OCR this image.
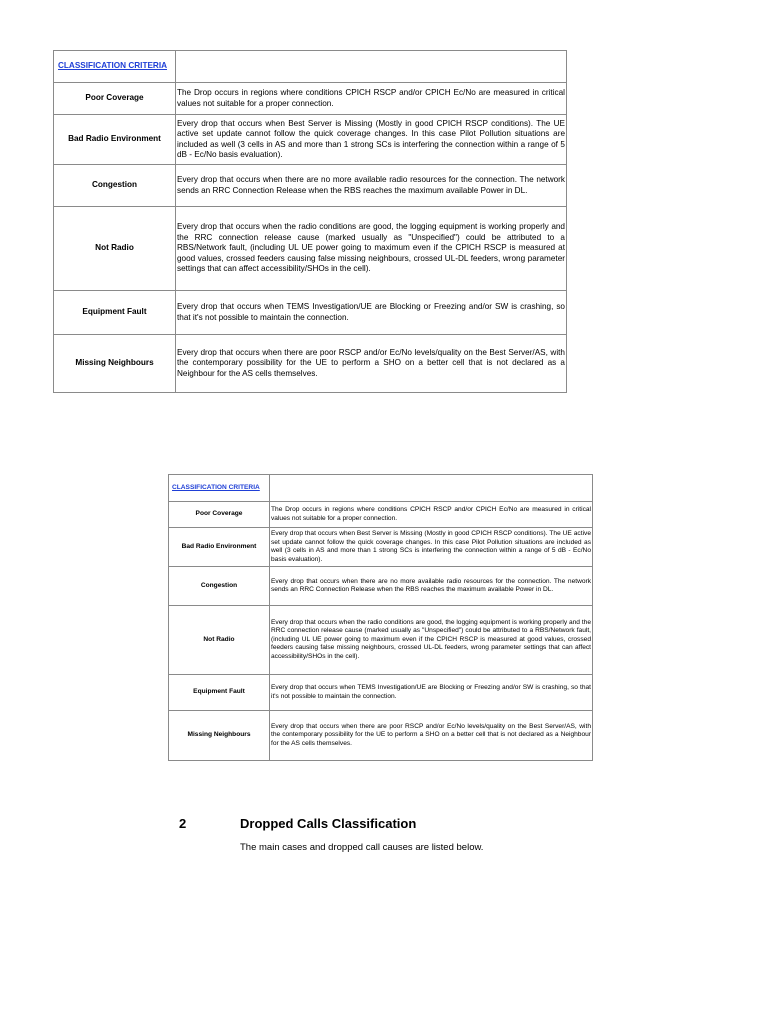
CLASSIFICATION CRITERIA	
Poor Coverage	The Drop occurs in regions where conditions CPICH RSCP and/or CPICH Ec/No are measured in critical values not suitable for a proper connection.
Bad Radio Environment	Every drop that occurs when Best Server is Missing (Mostly in good CPICH RSCP conditions). The UE active set update cannot follow the quick coverage changes. In this case Pilot Pollution situations are included as well (3 cells in AS and more than 1 strong SCs is interfering the connection within a range of 5 dB - Ec/No basis evaluation).
Congestion	Every drop that occurs when there are no more available radio resources for the connection. The network sends an RRC Connection Release when the RBS reaches the maximum available Power in DL.
Not Radio	Every drop that occurs when the radio conditions are good, the logging equipment is working properly and the RRC connection release cause (marked usually as "Unspecified") could be attributed to a RBS/Network fault, (including UL UE power going to maximum even if the CPICH RSCP is measured at good values, crossed feeders causing false missing neighbours, crossed UL-DL feeders, wrong parameter settings that can affect accessibility/SHOs in the cell).
Equipment Fault	Every drop that occurs when TEMS Investigation/UE are Blocking or Freezing and/or SW is crashing, so that it's not possible to maintain the connection.
Missing Neighbours	Every drop that occurs when there are poor RSCP and/or Ec/No levels/quality on the Best Server/AS, with the contemporary possibility for the UE to perform a SHO on a better cell that is not declared as a Neighbour for the AS cells themselves.
CLASSIFICATION CRITERIA	
Poor Coverage	The Drop occurs in regions where conditions CPICH RSCP and/or CPICH Ec/No are measured in critical values not suitable for a proper connection.
Bad Radio Environment	Every drop that occurs when Best Server is Missing (Mostly in good CPICH RSCP conditions). The UE active set update cannot follow the quick coverage changes. In this case Pilot Pollution situations are included as well (3 cells in AS and more than 1 strong SCs is interfering the connection within a range of 5 dB - Ec/No basis evaluation).
Congestion	Every drop that occurs when there are no more available radio resources for the connection. The network sends an RRC Connection Release when the RBS reaches the maximum available Power in DL.
Not Radio	Every drop that occurs when the radio conditions are good, the logging equipment is working properly and the RRC connection release cause (marked usually as "Unspecified") could be attributed to a RBS/Network fault, (including UL UE power going to maximum even if the CPICH RSCP is measured at good values, crossed feeders causing false missing neighbours, crossed UL-DL feeders, wrong parameter settings that can affect accessibility/SHOs in the cell).
Equipment Fault	Every drop that occurs when TEMS Investigation/UE are Blocking or Freezing and/or SW is crashing, so that it's not possible to maintain the connection.
Missing Neighbours	Every drop that occurs when there are poor RSCP and/or Ec/No levels/quality on the Best Server/AS, with the contemporary possibility for the UE to perform a SHO on a better cell that is not declared as a Neighbour for the AS cells themselves.
2	Dropped Calls Classification
The main cases and dropped call causes are listed below.
